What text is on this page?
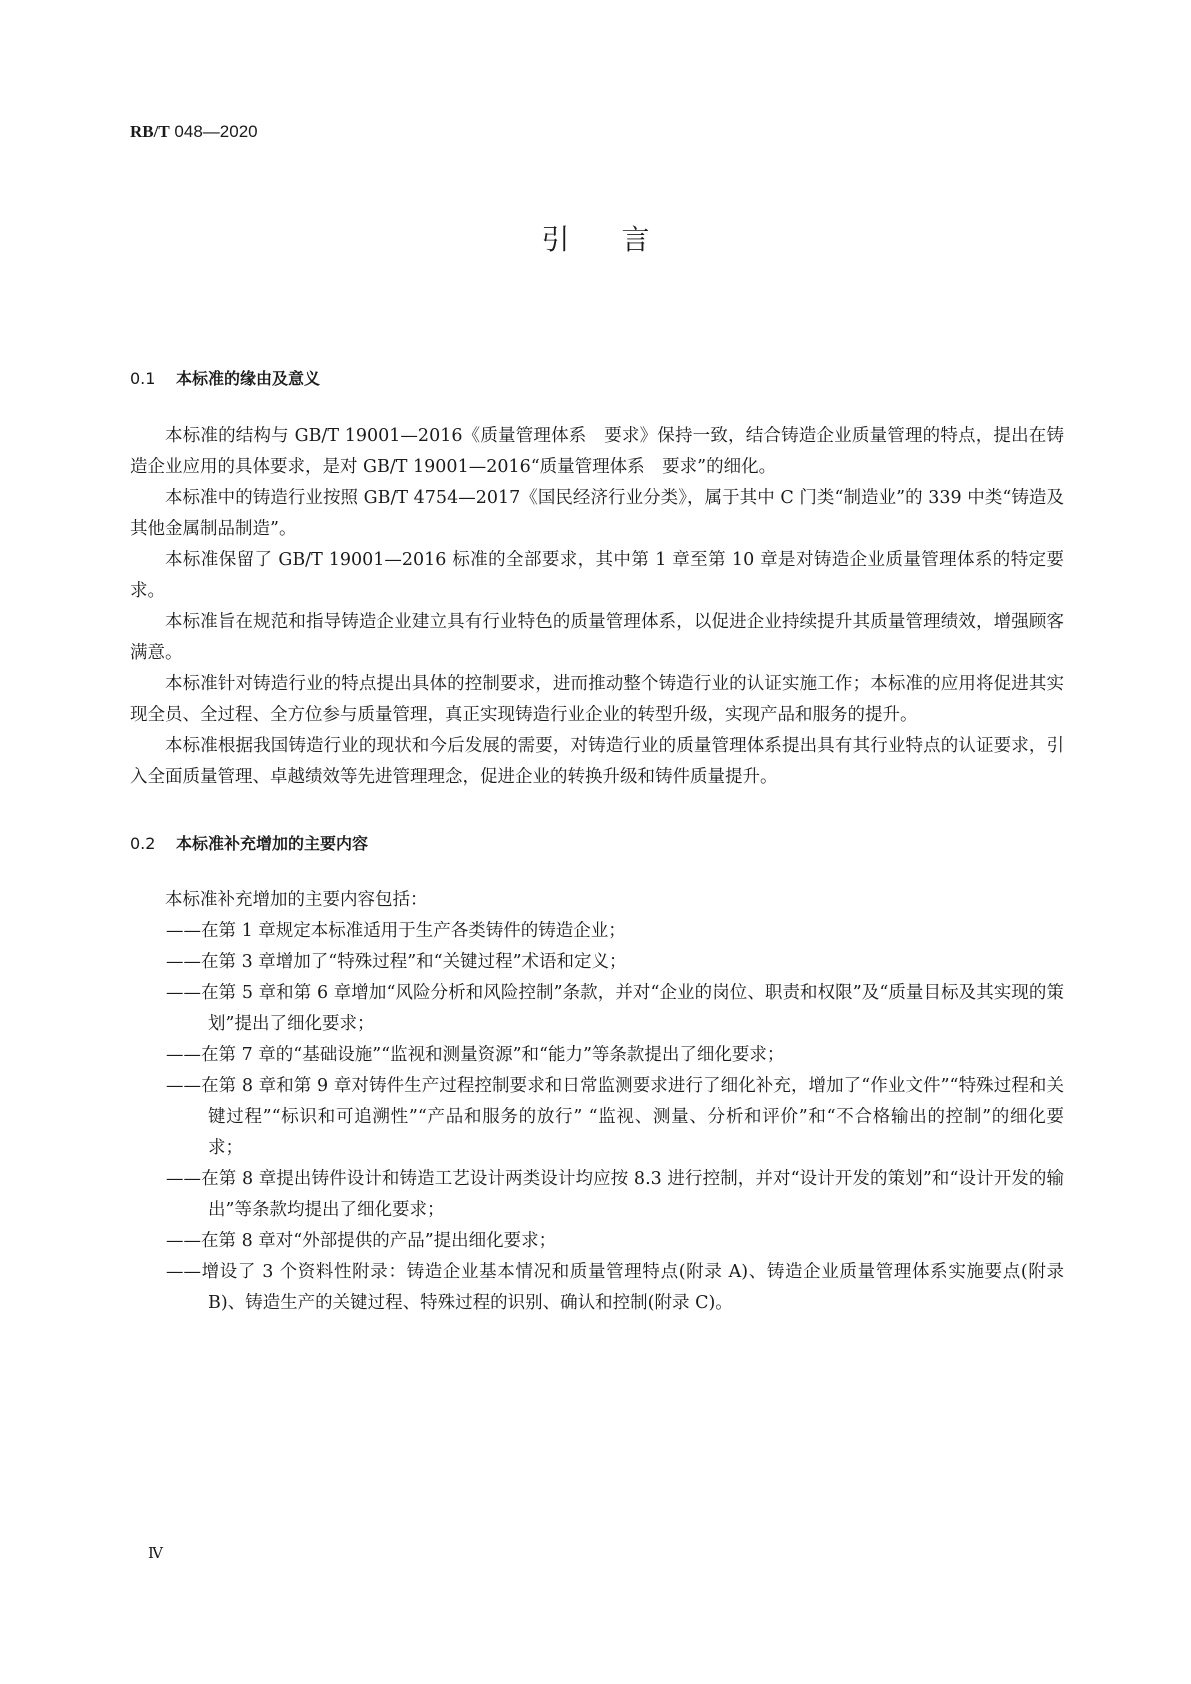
RB/T 048—2020
引言
0.1 本标准的缘由及意义

本标准的结构与 GB/T 19001—2016《质量管理体系　要求》保持一致，结合铸造企业质量管理的特点，提出在铸造企业应用的具体要求，是对 GB/T 19001—2016“质量管理体系　要求”的细化。

本标准中的铸造行业按照 GB/T 4754—2017《国民经济行业分类》，属于其中 C 门类“制造业”的 339 中类“铸造及其他金属制品制造”。

本标准保留了 GB/T 19001—2016 标准的全部要求，其中第 1 章至第 10 章是对铸造企业质量管理体系的特定要求。

本标准旨在规范和指导铸造企业建立具有行业特色的质量管理体系，以促进企业持续提升其质量管理绩效，增强顾客满意。

本标准针对铸造行业的特点提出具体的控制要求，进而推动整个铸造行业的认证实施工作；本标准的应用将促进其实现全员、全过程、全方位参与质量管理，真正实现铸造行业企业的转型升级，实现产品和服务的提升。

本标准根据我国铸造行业的现状和今后发展的需要，对铸造行业的质量管理体系提出具有其行业特点的认证要求，引入全面质量管理、卓越绩效等先进管理理念，促进企业的转换升级和铸件质量提升。

0.2 本标准补充增加的主要内容

本标准补充增加的主要内容包括：

——在第 1 章规定本标准适用于生产各类铸件的铸造企业；

——在第 3 章增加了“特殊过程”和“关键过程”术语和定义；

——在第 5 章和第 6 章增加“风险分析和风险控制”条款，并对“企业的岗位、职责和权限”及“质量目标及其实现的策划”提出了细化要求；

——在第 7 章的“基础设施”“监视和测量资源”和“能力”等条款提出了细化要求；

——在第 8 章和第 9 章对铸件生产过程控制要求和日常监测要求进行了细化补充，增加了“作业文件”“特殊过程和关键过程”“标识和可追溯性”“产品和服务的放行” “监视、测量、分析和评价”和“不合格输出的控制”的细化要求；

——在第 8 章提出铸件设计和铸造工艺设计两类设计均应按 8.3 进行控制，并对“设计开发的策划”和“设计开发的输出”等条款均提出了细化要求；

——在第 8 章对“外部提供的产品”提出细化要求；

——增设了 3 个资料性附录：铸造企业基本情况和质量管理特点(附录 A)、铸造企业质量管理体系实施要点(附录 B)、铸造生产的关键过程、特殊过程的识别、确认和控制(附录 C)。

Ⅳ
